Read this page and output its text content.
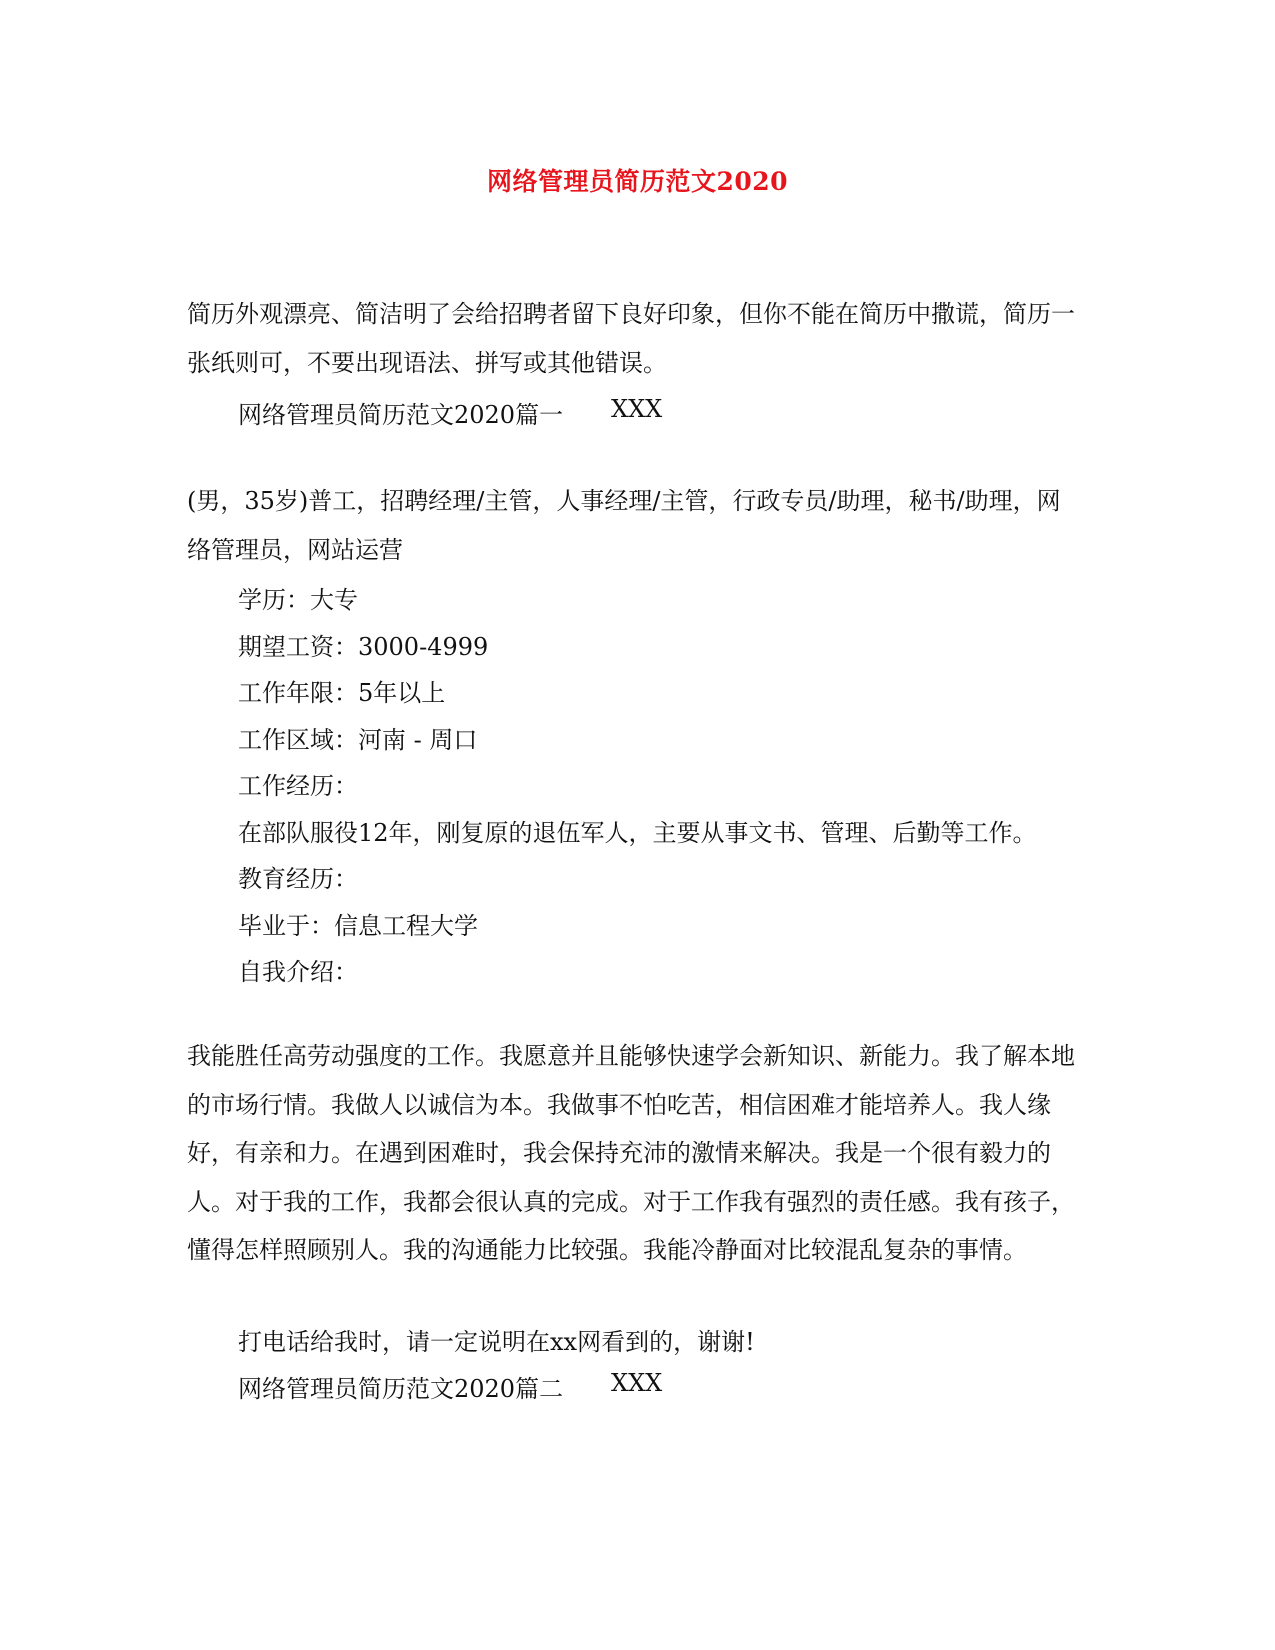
网络管理员简历范文2020
简历外观漂亮、简洁明了会给招聘者留下良好印象，但你不能在简历中撒谎，简历一张纸则可，不要出现语法、拼写或其他错误。
网络管理员简历范文2020篇一 XXX
(男，35岁)普工，招聘经理/主管，人事经理/主管，行政专员/助理，秘书/助理，网络管理员，网站运营
学历：大专
期望工资：3000-4999
工作年限：5年以上
工作区域：河南 - 周口
工作经历：
在部队服役12年，刚复原的退伍军人，主要从事文书、管理、后勤等工作。
教育经历：
毕业于：信息工程大学
自我介绍：
我能胜任高劳动强度的工作。我愿意并且能够快速学会新知识、新能力。我了解本地的市场行情。我做人以诚信为本。我做事不怕吃苦，相信困难才能培养人。我人缘好，有亲和力。在遇到困难时，我会保持充沛的激情来解决。我是一个很有毅力的人。对于我的工作，我都会很认真的完成。对于工作我有强烈的责任感。我有孩子，懂得怎样照顾别人。我的沟通能力比较强。我能冷静面对比较混乱复杂的事情。
打电话给我时，请一定说明在xx网看到的，谢谢!
网络管理员简历范文2020篇二 XXX
